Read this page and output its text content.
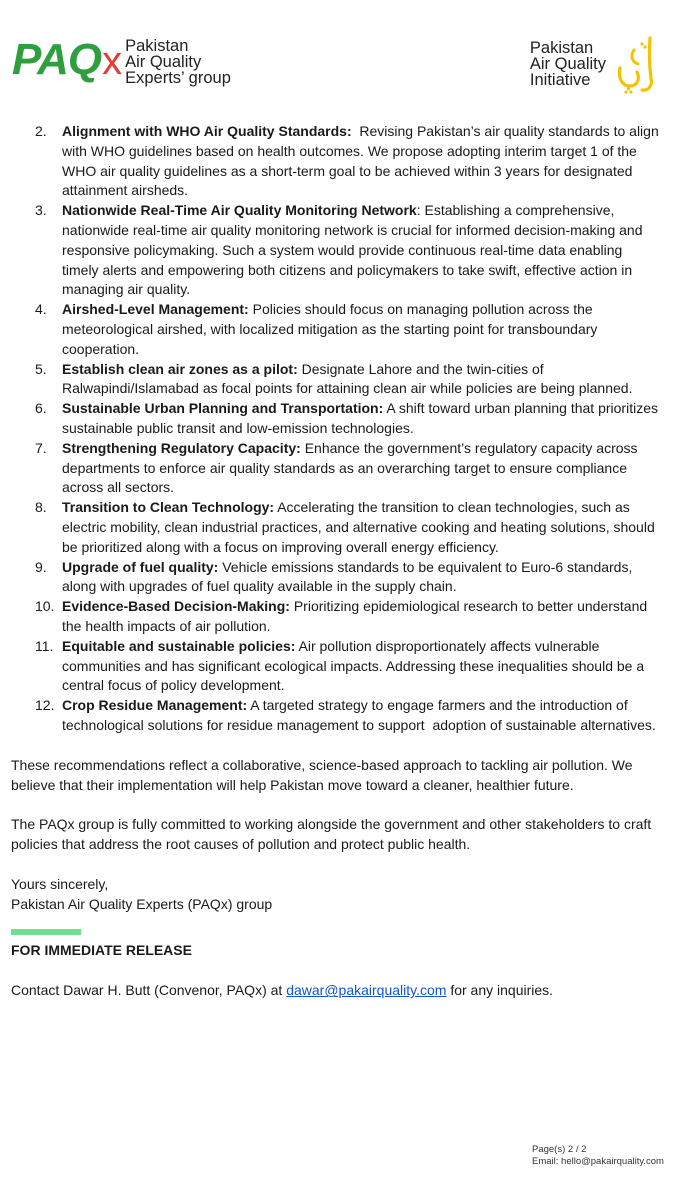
PAQx Pakistan
Air Quality
Experts’ group
Pakistan
Air Quality
Initiative
2. Alignment with WHO Air Quality Standards:  Revising Pakistan’s air quality standards to align with WHO guidelines based on health outcomes. We propose adopting interim target 1 of the WHO air quality guidelines as a short-term goal to be achieved within 3 years for designated attainment airsheds.
3. Nationwide Real-Time Air Quality Monitoring Network: Establishing a comprehensive, nationwide real-time air quality monitoring network is crucial for informed decision-making and responsive policymaking. Such a system would provide continuous real-time data enabling timely alerts and empowering both citizens and policymakers to take swift, effective action in managing air quality.
4. Airshed-Level Management: Policies should focus on managing pollution across the meteorological airshed, with localized mitigation as the starting point for transboundary cooperation.
5. Establish clean air zones as a pilot: Designate Lahore and the twin-cities of Ralwapindi/Islamabad as focal points for attaining clean air while policies are being planned.
6. Sustainable Urban Planning and Transportation: A shift toward urban planning that prioritizes sustainable public transit and low-emission technologies.
7. Strengthening Regulatory Capacity: Enhance the government’s regulatory capacity across departments to enforce air quality standards as an overarching target to ensure compliance across all sectors.
8. Transition to Clean Technology: Accelerating the transition to clean technologies, such as electric mobility, clean industrial practices, and alternative cooking and heating solutions, should be prioritized along with a focus on improving overall energy efficiency.
9. Upgrade of fuel quality: Vehicle emissions standards to be equivalent to Euro-6 standards, along with upgrades of fuel quality available in the supply chain.
10. Evidence-Based Decision-Making: Prioritizing epidemiological research to better understand the health impacts of air pollution.
11. Equitable and sustainable policies: Air pollution disproportionately affects vulnerable communities and has significant ecological impacts. Addressing these inequalities should be a central focus of policy development.
12. Crop Residue Management: A targeted strategy to engage farmers and the introduction of technological solutions for residue management to support  adoption of sustainable alternatives.

These recommendations reflect a collaborative, science-based approach to tackling air pollution. We believe that their implementation will help Pakistan move toward a cleaner, healthier future.

The PAQx group is fully committed to working alongside the government and other stakeholders to craft policies that address the root causes of pollution and protect public health.

Yours sincerely,

Pakistan Air Quality Experts (PAQx) group

FOR IMMEDIATE RELEASE

Contact Dawar H. Butt (Convenor, PAQx) at dawar@pakairquality.com for any inquiries.

Page(s) 2 / 2
Email: hello@pakairquality.com
